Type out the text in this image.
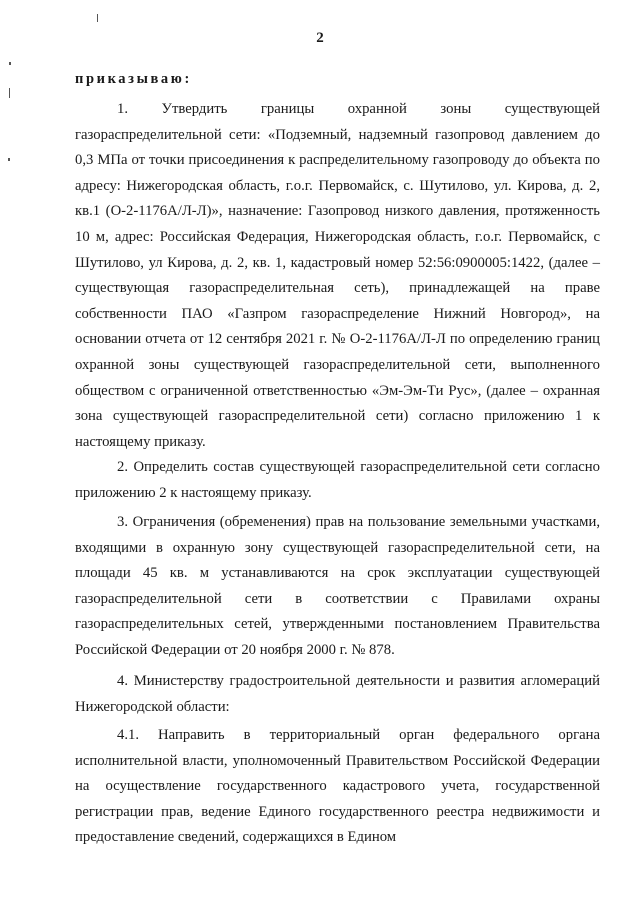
2
приказываю:

1. Утвердить границы охранной зоны существующей газораспределительной сети: «Подземный, надземный газопровод давлением до 0,3 МПа от точки присоединения к распределительному газопроводу до объекта по адресу: Нижегородская область, г.о.г. Первомайск, с. Шутилово, ул. Кирова, д. 2, кв.1 (О-2-1176А/Л-Л)», назначение: Газопровод низкого давления, протяженность 10 м, адрес: Российская Федерация, Нижегородская область, г.о.г. Первомайск, с Шутилово, ул Кирова, д. 2, кв. 1, кадастровый номер 52:56:0900005:1422, (далее – существующая газораспределительная сеть), принадлежащей на праве собственности ПАО «Газпром газораспределение Нижний Новгород», на основании отчета от 12 сентября 2021 г. № О-2-1176А/Л-Л по определению границ охранной зоны существующей газораспределительной сети, выполненного обществом с ограниченной ответственностью «Эм-Эм-Ти Рус», (далее – охранная зона существующей газораспределительной сети) согласно приложению 1 к настоящему приказу.

2. Определить состав существующей газораспределительной сети согласно приложению 2 к настоящему приказу.

3. Ограничения (обременения) прав на пользование земельными участками, входящими в охранную зону существующей газораспределительной сети, на площади 45 кв. м устанавливаются на срок эксплуатации существующей газораспределительной сети в соответствии с Правилами охраны газораспределительных сетей, утвержденными постановлением Правительства Российской Федерации от 20 ноября 2000 г. № 878.

4. Министерству градостроительной деятельности и развития агломераций Нижегородской области:

4.1. Направить в территориальный орган федерального органа исполнительной власти, уполномоченный Правительством Российской Федерации на осуществление государственного кадастрового учета, государственной регистрации прав, ведение Единого государственного реестра недвижимости и предоставление сведений, содержащихся в Едином
